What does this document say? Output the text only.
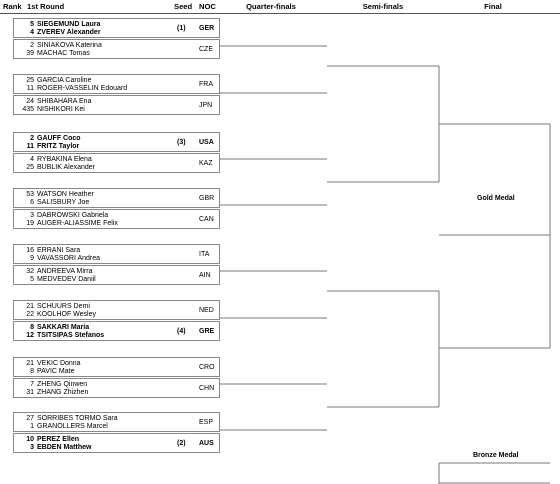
Rank 1st Round	Seed NOC	Quarter-finals	Semi-finals	Final
5 SIEGEMUND Laura
4 ZVEREV Alexander
(1) GER
2 SINIAKOVA Katerina
39 MACHAC Tomas
CZE
25 GARCIA Caroline
11 ROGER-VASSELIN Edouard
FRA
24 SHIBAHARA Ena
435 NISHIKORI Kei
JPN
2 GAUFF Coco
11 FRITZ Taylor
(3) USA
4 RYBAKINA Elena
25 BUBLIK Alexander
KAZ
53 WATSON Heather
6 SALISBURY Joe
GBR
3 DABROWSKI Gabriela
19 AUGER-ALIASSIME Felix
CAN
16 ERRANI Sara
9 VAVASSORI Andrea
ITA
32 ANDREEVA Mirra
5 MEDVEDEV Daniil
AIN
21 SCHUURS Demi
22 KOOLHOF Wesley
NED
8 SAKKARI Maria
12 TSITSIPAS Stefanos
(4) GRE
21 VEKIC Donna
8 PAVIC Mate
CRO
7 ZHENG Qinwen
31 ZHANG Zhizhen
CHN
27 SORRIBES TORMO Sara
1 GRANOLLERS Marcel
ESP
10 PEREZ Ellen
3 EBDEN Matthew
(2) AUS
Gold Medal
Bronze Medal
